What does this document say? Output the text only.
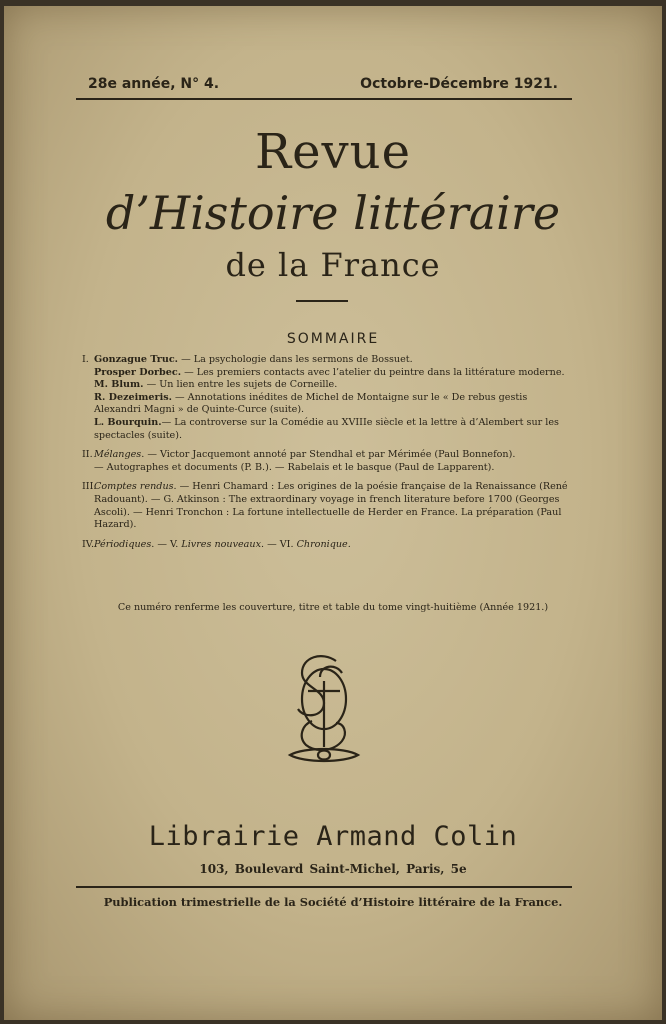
28e année, N° 4.	Octobre-Décembre 1921.
Revue
d’Histoire littéraire
de la France
SOMMAIRE
I. Gonzague Truc. — La psychologie dans les sermons de Bossuet.
Prosper Dorbec. — Les premiers contacts avec l’atelier du peintre dans la littérature moderne.
M. Blum. — Un lien entre les sujets de Corneille.
R. Dezeimeris. — Annotations inédites de Michel de Montaigne sur le « De rebus gestis Alexandri Magni » de Quinte-Curce (suite).
L. Bourquin.— La controverse sur la Comédie au XVIIIe siècle et la lettre à d’Alembert sur les spectacles (suite).
II. Mélanges. — Victor Jacquemont annoté par Stendhal et par Mérimée (Paul Bonnefon).
— Autographes et documents (P. B.). — Rabelais et le basque (Paul de Lapparent).
III.
Comptes rendus. — Henri Chamard : Les origines de la poésie française de la Renaissance (René Radouant). — G. Atkinson : The extraordinary voyage in french literature before 1700 (Georges Ascoli). — Henri Tronchon : La fortune intellectuelle de Herder en France. La préparation (Paul Hazard).
IV. Périodiques. — V. Livres nouveaux. — VI. Chronique.
Ce numéro renferme les couverture, titre et table du tome vingt-huitième (Année 1921.)
Librairie Armand Colin
103, Boulevard Saint-Michel, Paris, 5e
Publication trimestrielle de la Société d’Histoire littéraire de la France.
